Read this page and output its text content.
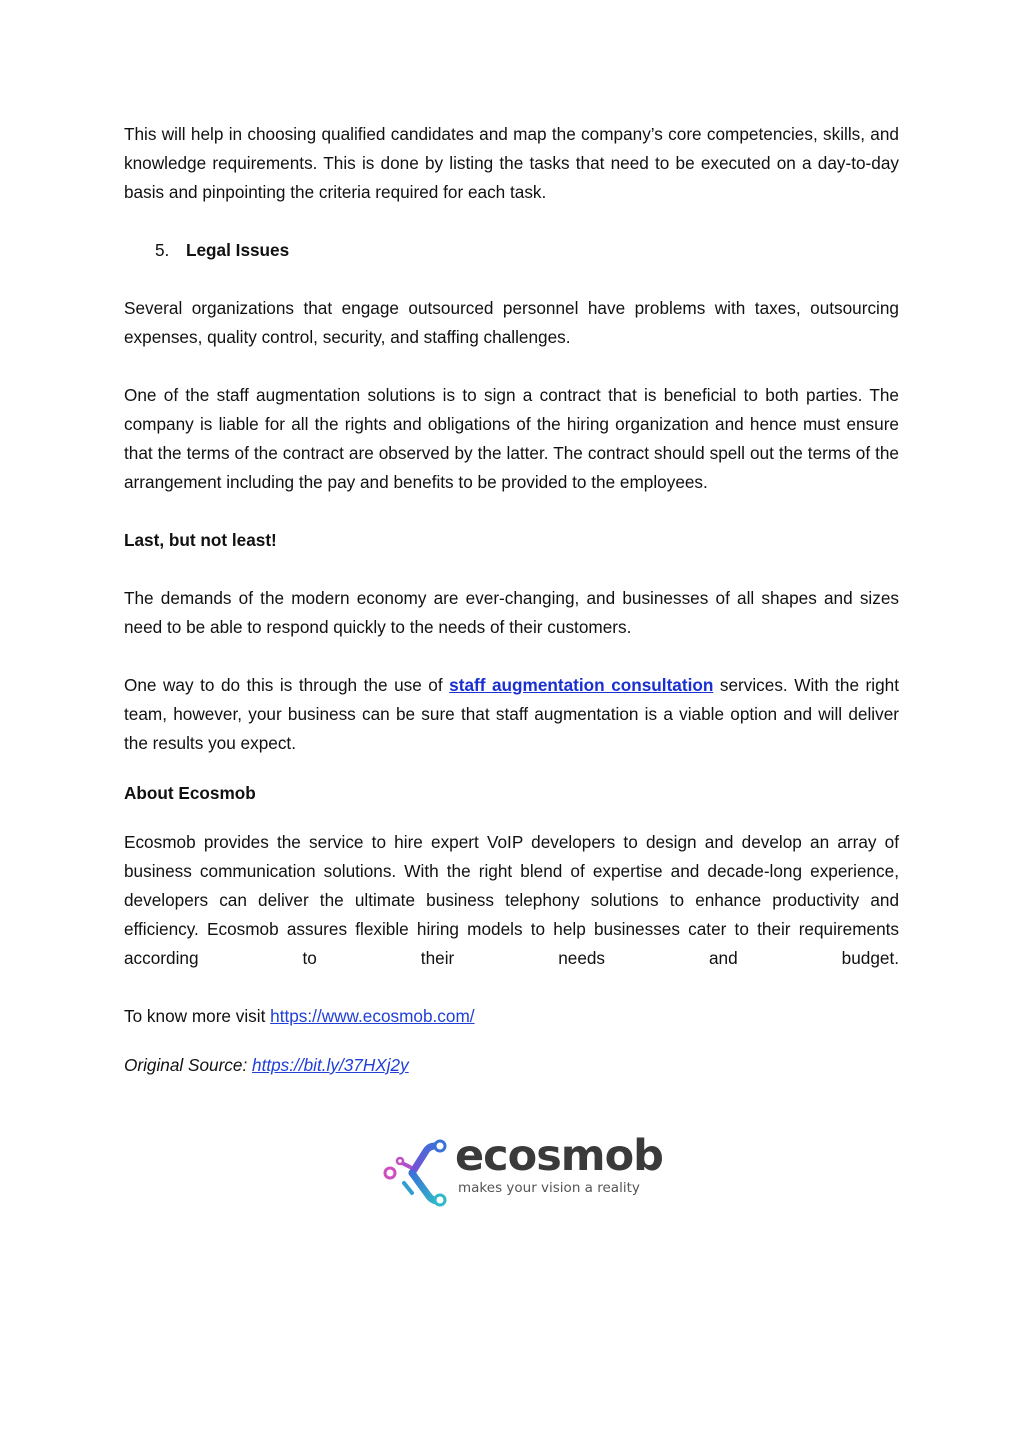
This will help in choosing qualified candidates and map the company’s core competencies, skills, and knowledge requirements. This is done by listing the tasks that need to be executed on a day-to-day basis and pinpointing the criteria required for each task.

5. Legal Issues

Several organizations that engage outsourced personnel have problems with taxes, outsourcing expenses, quality control, security, and staffing challenges.

One of the staff augmentation solutions is to sign a contract that is beneficial to both parties. The company is liable for all the rights and obligations of the hiring organization and hence must ensure that the terms of the contract are observed by the latter. The contract should spell out the terms of the arrangement including the pay and benefits to be provided to the employees.

Last, but not least!

The demands of the modern economy are ever-changing, and businesses of all shapes and sizes need to be able to respond quickly to the needs of their customers.

One way to do this is through the use of staff augmentation consultation services. With the right team, however, your business can be sure that staff augmentation is a viable option and will deliver the results you expect.

About Ecosmob

Ecosmob provides the service to hire expert VoIP developers to design and develop an array of business communication solutions. With the right blend of expertise and decade-long experience, developers can deliver the ultimate business telephony solutions to enhance productivity and efficiency. Ecosmob assures flexible hiring models to help businesses cater to their requirements according to their needs and budget.

To know more visit https://www.ecosmob.com/

Original Source: https://bit.ly/37HXj2y

ecosmob
makes your vision a reality
